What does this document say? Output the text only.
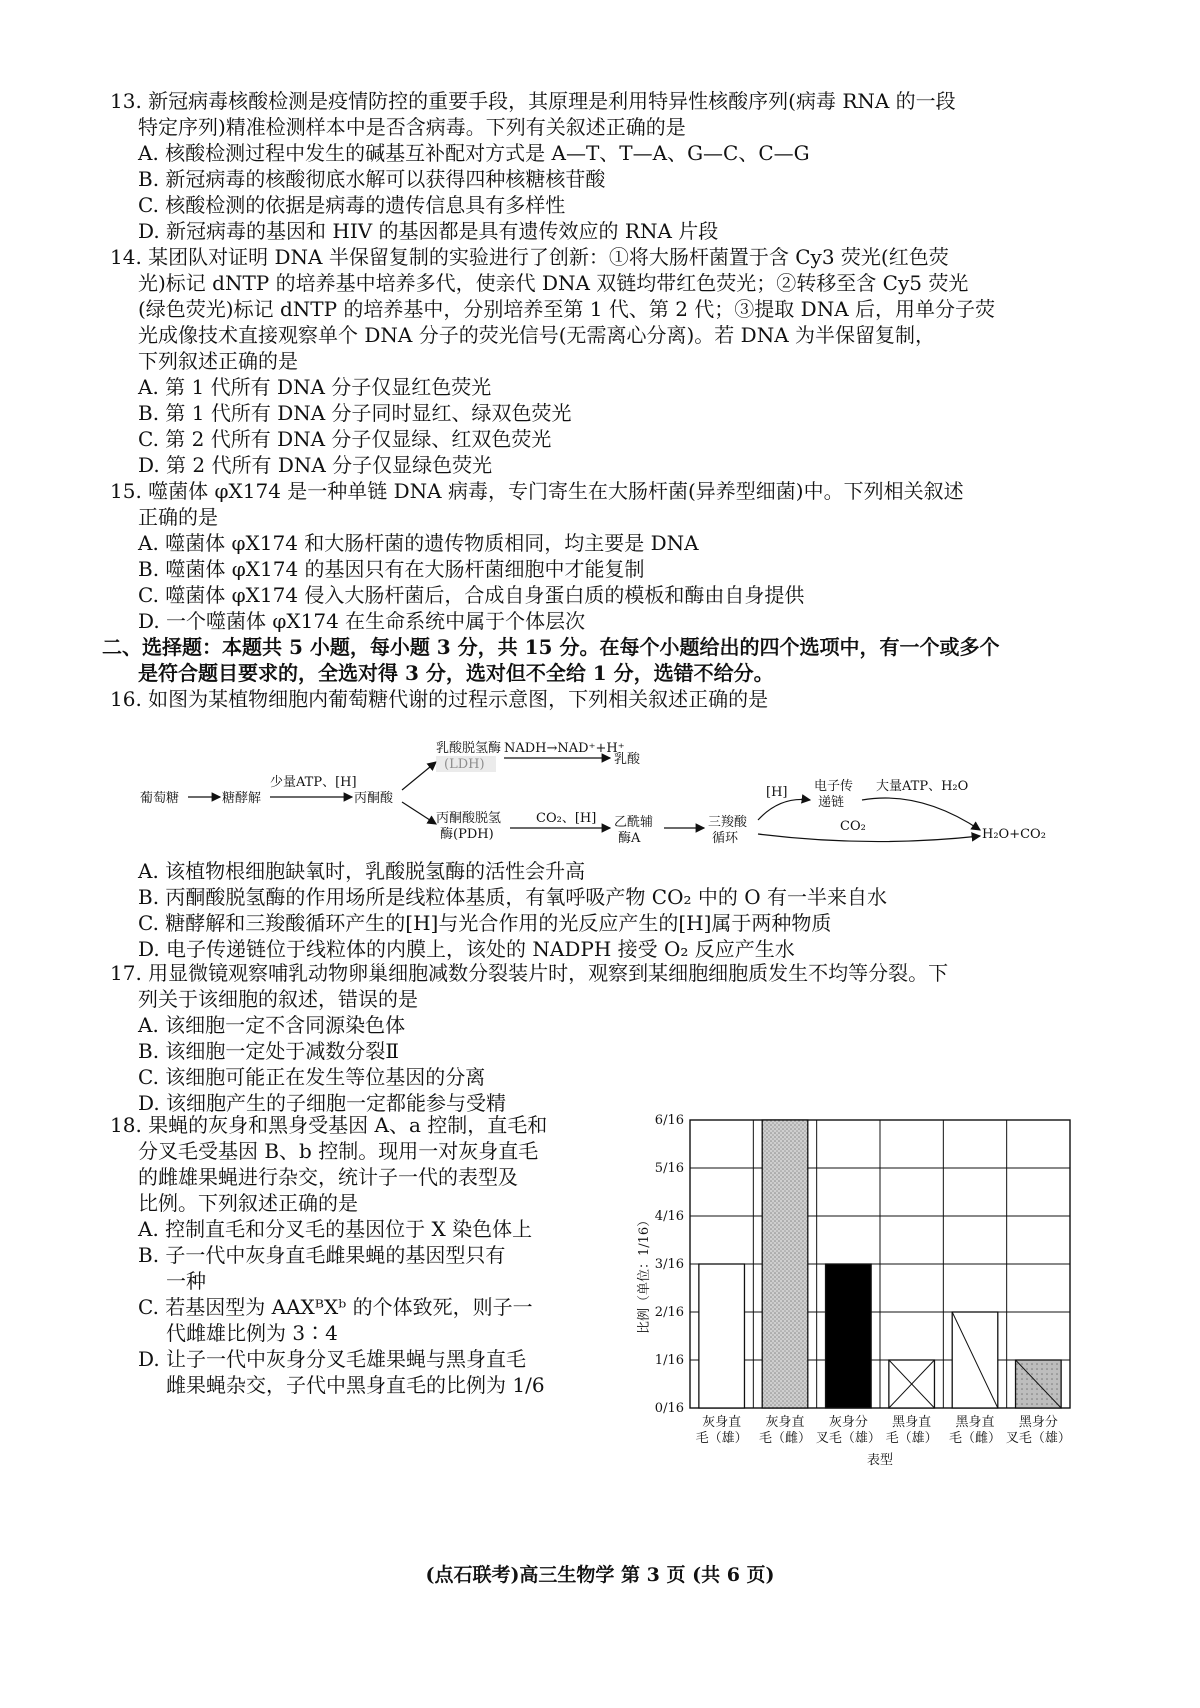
13. 新冠病毒核酸检测是疫情防控的重要手段，其原理是利用特异性核酸序列(病毒 RNA 的一段
特定序列)精准检测样本中是否含病毒。下列有关叙述正确的是
A. 核酸检测过程中发生的碱基互补配对方式是 A—T、T—A、G—C、C—G
B. 新冠病毒的核酸彻底水解可以获得四种核糖核苷酸
C. 核酸检测的依据是病毒的遗传信息具有多样性
D. 新冠病毒的基因和 HIV 的基因都是具有遗传效应的 RNA 片段
14. 某团队对证明 DNA 半保留复制的实验进行了创新：①将大肠杆菌置于含 Cy3 荧光(红色荧
光)标记 dNTP 的培养基中培养多代，使亲代 DNA 双链均带红色荧光；②转移至含 Cy5 荧光
(绿色荧光)标记 dNTP 的培养基中，分别培养至第 1 代、第 2 代；③提取 DNA 后，用单分子荧
光成像技术直接观察单个 DNA 分子的荧光信号(无需离心分离)。若 DNA 为半保留复制，
下列叙述正确的是
A. 第 1 代所有 DNA 分子仅显红色荧光
B. 第 1 代所有 DNA 分子同时显红、绿双色荧光
C. 第 2 代所有 DNA 分子仅显绿、红双色荧光
D. 第 2 代所有 DNA 分子仅显绿色荧光
15. 噬菌体 φX174 是一种单链 DNA 病毒，专门寄生在大肠杆菌(异养型细菌)中。下列相关叙述
正确的是
A. 噬菌体 φX174 和大肠杆菌的遗传物质相同，均主要是 DNA
B. 噬菌体 φX174 的基因只有在大肠杆菌细胞中才能复制
C. 噬菌体 φX174 侵入大肠杆菌后，合成自身蛋白质的模板和酶由自身提供
D. 一个噬菌体 φX174 在生命系统中属于个体层次
二、选择题：本题共 5 小题，每小题 3 分，共 15 分。在每个小题给出的四个选项中，有一个或多个
是符合题目要求的，全选对得 3 分，选对但不全给 1 分，选错不给分。
16. 如图为某植物细胞内葡萄糖代谢的过程示意图，下列相关叙述正确的是
葡萄糖	糖酵解
少量ATP、[H]
丙酮酸
乳酸脱氢酶 NADH→NAD⁺+H⁺
乳酸
丙酮酸脱氢
酶(PDH)
CO₂、[H] 乙酰辅
酶A
三羧酸
循环
[H] 电子传
递链
大量ATP、H₂O
CO₂
H₂O+CO₂
A. 该植物根细胞缺氧时，乳酸脱氢酶的活性会升高
B. 丙酮酸脱氢酶的作用场所是线粒体基质，有氧呼吸产物 CO₂ 中的 O 有一半来自水
C. 糖酵解和三羧酸循环产生的[H]与光合作用的光反应产生的[H]属于两种物质
D. 电子传递链位于线粒体的内膜上，该处的 NADPH 接受 O₂ 反应产生水
17. 用显微镜观察哺乳动物卵巢细胞减数分裂装片时，观察到某细胞细胞质发生不均等分裂。下
列关于该细胞的叙述，错误的是
A. 该细胞一定不含同源染色体
B. 该细胞一定处于减数分裂Ⅱ
C. 该细胞可能正在发生等位基因的分离
D. 该细胞产生的子细胞一定都能参与受精
18. 果蝇的灰身和黑身受基因 A、a 控制，直毛和
分叉毛受基因 B、b 控制。现用一对灰身直毛
的雌雄果蝇进行杂交，统计子一代的表型及
比例。下列叙述正确的是
A. 控制直毛和分叉毛的基因位于 X 染色体上
B. 子一代中灰身直毛雌果蝇的基因型只有
一种
C. 若基因型为 AAXᴮXᵇ 的个体致死，则子一
代雌雄比例为 3∶4
D. 让子一代中灰身分叉毛雄果蝇与黑身直毛
雌果蝇杂交，子代中黑身直毛的比例为 1/6
0/16
1/16
2/16
3/16
4/16
5/16
6/16
灰身直
毛（雄）
灰身直
毛（雌）
灰身分
叉毛（雄）
黑身直
毛（雄）
黑身直
毛（雌）
黑身分
叉毛（雄）
比例（单位：1/16）
表型
(点石联考)高三生物学 第 3 页 (共 6 页)
